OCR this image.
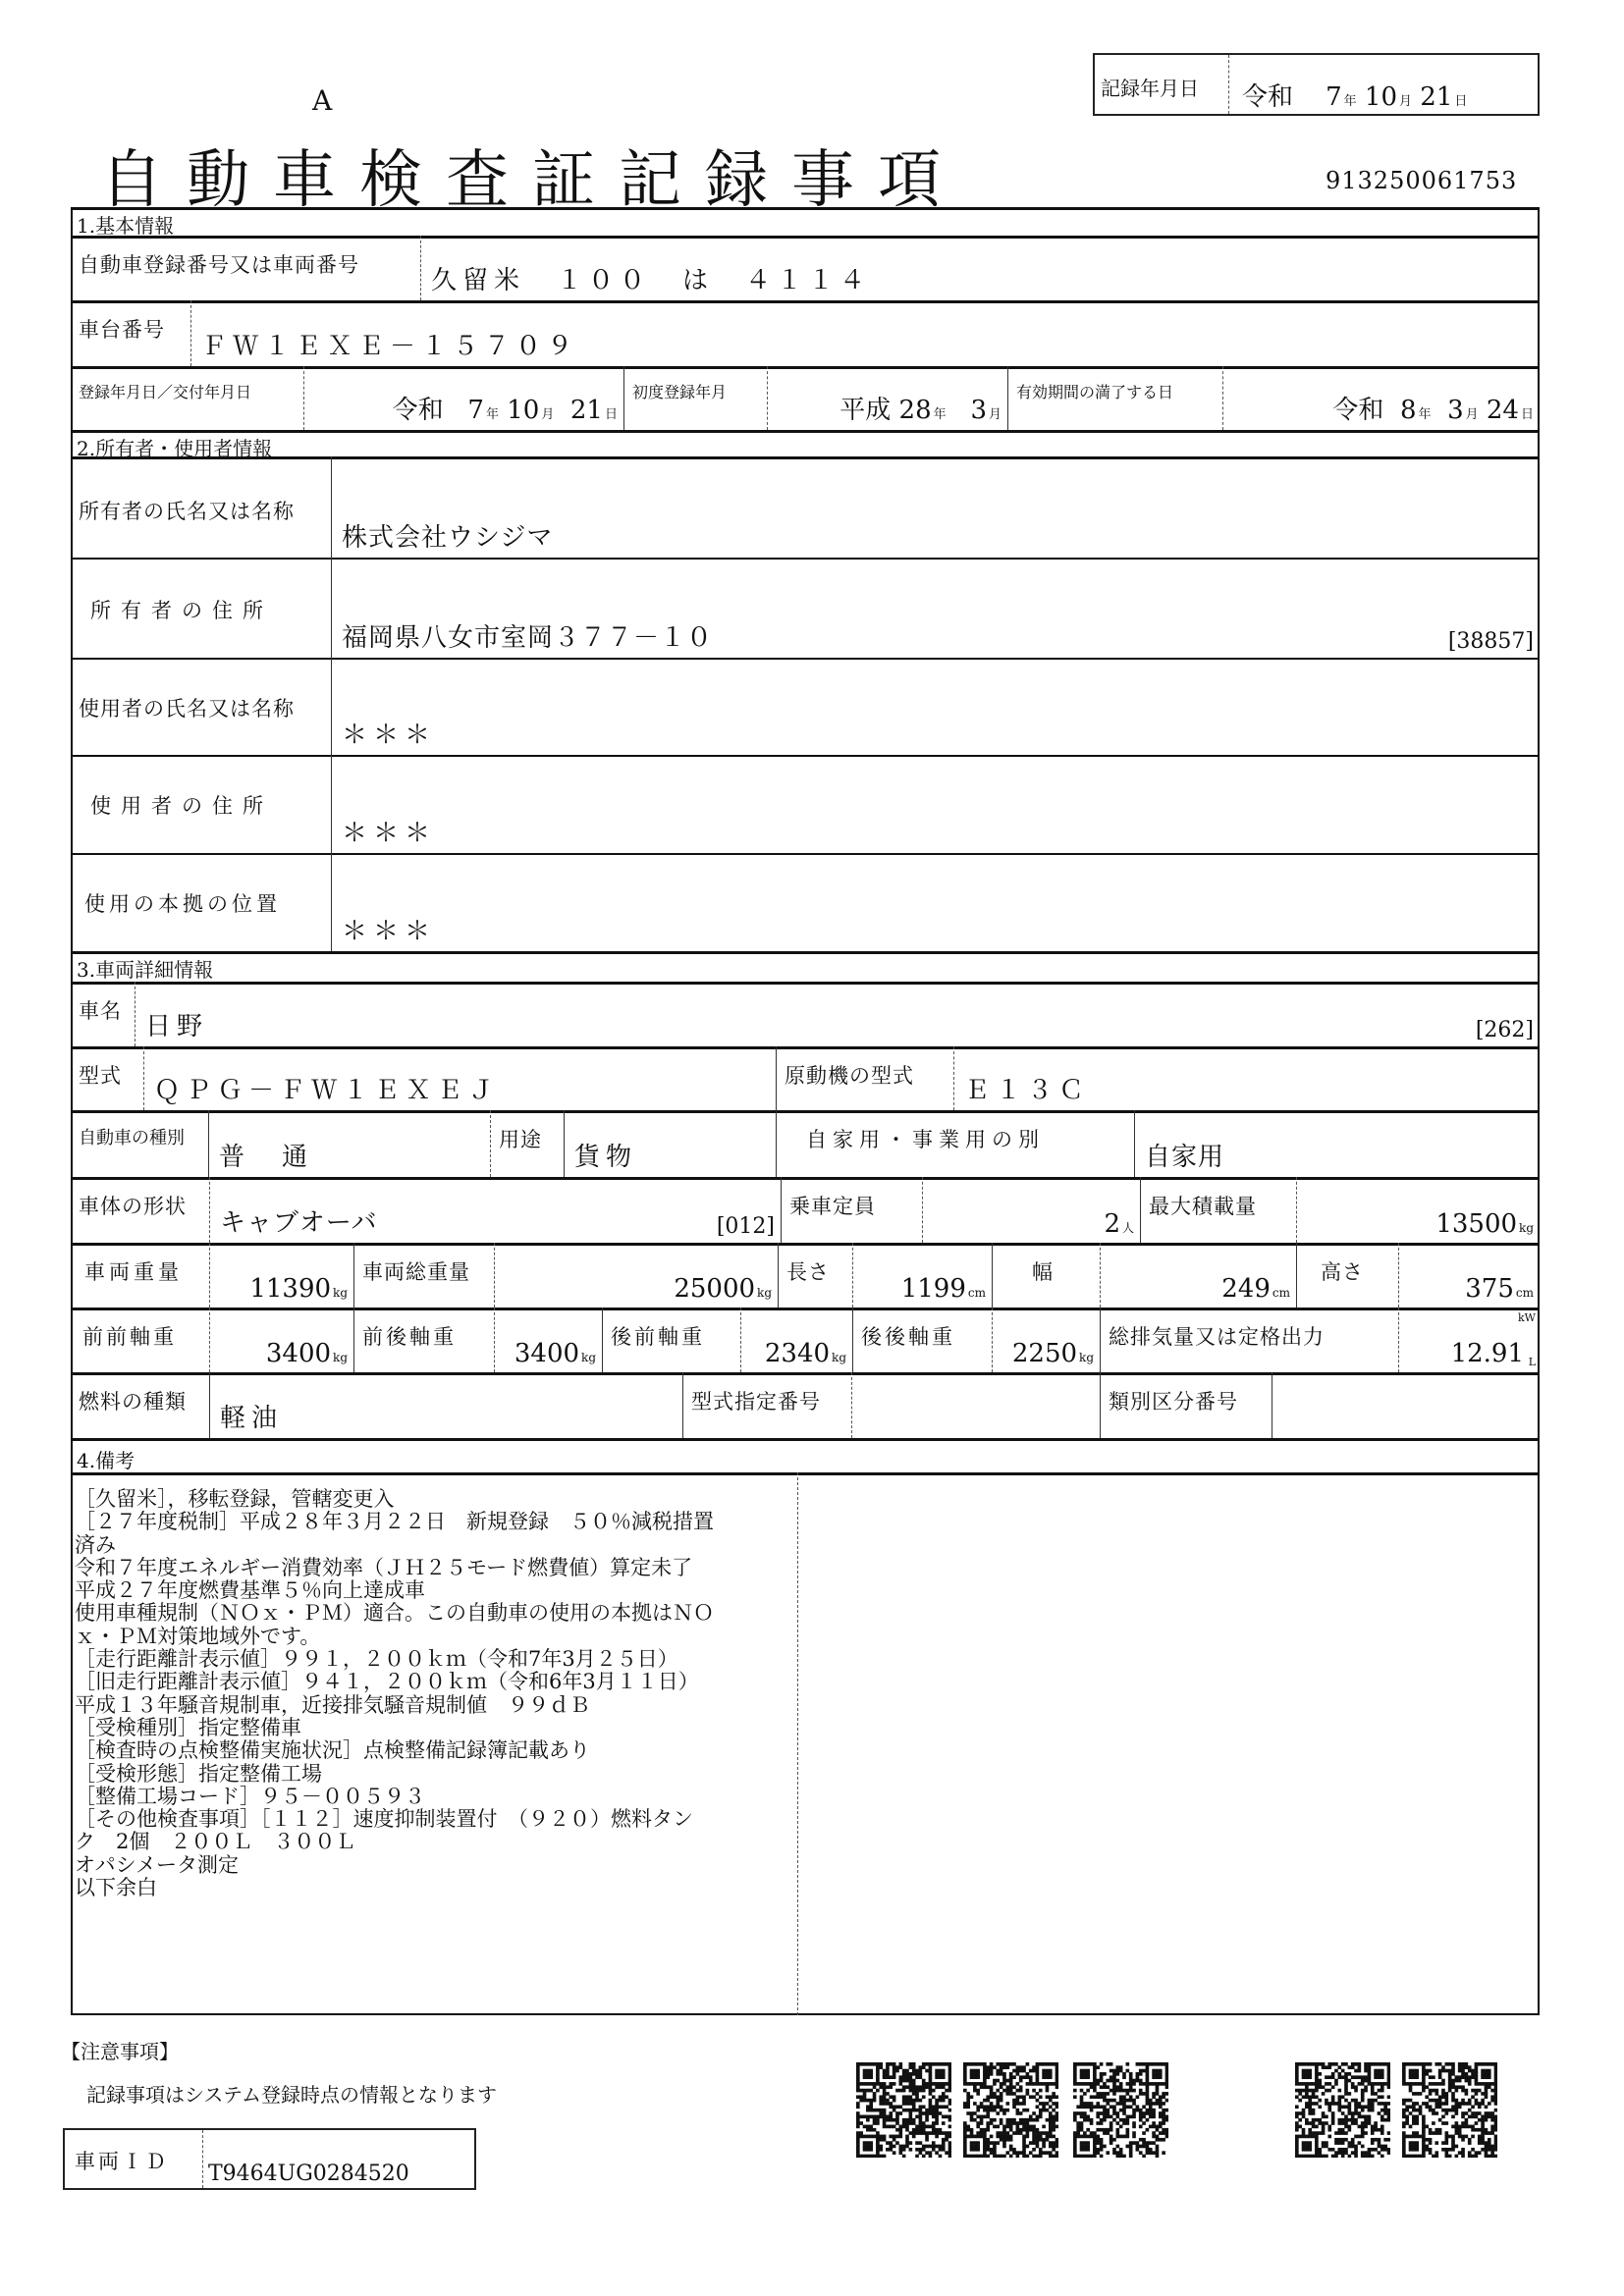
A	記録年月日 令和 7 年 10 月 21 日
自動車検査証記録事項	913250061753
1.基本情報
自動車登録番号又は車両番号
久留米　１００　は　４１１４
車台番号
ＦＷ１ＥＸＥ－１５７０９
登録年月日／交付年月日
令和 7 年 10 月 21 日
初度登録年月
平成 28 年 3 月
有効期間の満了する日
令和 8 年 3 月 24 日
2.所有者・使用者情報
所有者の氏名又は名称
株式会社ウシジマ
所有者の住所
福岡県八女市室岡３７７－１０	[38857]
使用者の氏名又は名称
＊＊＊
使用者の住所
＊＊＊
使用の本拠の位置
＊＊＊
3.車両詳細情報
車名
日野	[262]
型式	ＱＰＧ－ＦＷ１ＥＸＥＪ	原動機の型式	Ｅ１３Ｃ
自動車の種別
普　通
用途
貨物
自家用・事業用の別
自家用
車体の形状
キャブオーバ	[012]
乗車定員
2 人
最大積載量
13500 kg
車両重量
11390 kg
車両総重量
25000 kg
長さ
1199 cm
幅
249 cm
高さ
375 cm
前前軸重
3400 kg
前後軸重
3400 kg
後前軸重
2340 kg
後後軸重
2250 kg
総排気量又は定格出力
kW
12.91 L
燃料の種類
軽油
型式指定番号	類別区分番号
4.備考
［久留米］，移転登録，管轄変更入
［２７年度税制］平成２８年３月２２日　新規登録　５０％減税措置
済み
令和７年度エネルギー消費効率（ＪＨ２５モード燃費値）算定未了
平成２７年度燃費基準５％向上達成車
使用車種規制（ＮＯｘ・ＰＭ）適合。この自動車の使用の本拠はＮＯ
ｘ・ＰＭ対策地域外です。
［走行距離計表示値］９９１，２００ｋｍ（令和7年3月２５日）
［旧走行距離計表示値］９４１，２００ｋｍ（令和6年3月１１日）
平成１３年騒音規制車，近接排気騒音規制値　９９ｄＢ
［受検種別］指定整備車
［検査時の点検整備実施状況］点検整備記録簿記載あり
［受検形態］指定整備工場
［整備工場コード］９５－００５９３
［その他検査事項］［１１２］速度抑制装置付　（９２０）燃料タン
ク　2個　２００Ｌ　３００Ｌ
オパシメータ測定
以下余白
【注意事項】
記録事項はシステム登録時点の情報となります
車両ＩＤ T9464UG0284520
